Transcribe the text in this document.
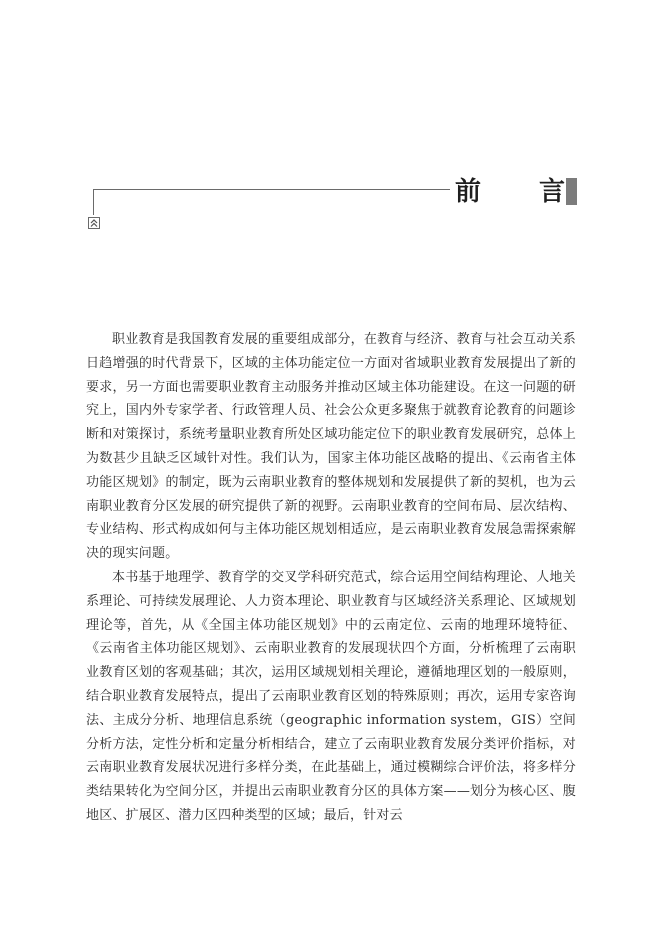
前 言

职业教育是我国教育发展的重要组成部分，在教育与经济、教育与社会互动关系日趋增强的时代背景下，区域的主体功能定位一方面对省域职业教育发展提出了新的要求，另一方面也需要职业教育主动服务并推动区域主体功能建设。在这一问题的研究上，国内外专家学者、行政管理人员、社会公众更多聚焦于就教育论教育的问题诊断和对策探讨，系统考量职业教育所处区域功能定位下的职业教育发展研究，总体上为数甚少且缺乏区域针对性。我们认为，国家主体功能区战略的提出、《云南省主体功能区规划》的制定，既为云南职业教育的整体规划和发展提供了新的契机，也为云南职业教育分区发展的研究提供了新的视野。云南职业教育的空间布局、层次结构、专业结构、形式构成如何与主体功能区规划相适应，是云南职业教育发展急需探索解决的现实问题。

本书基于地理学、教育学的交叉学科研究范式，综合运用空间结构理论、人地关系理论、可持续发展理论、人力资本理论、职业教育与区域经济关系理论、区域规划理论等，首先，从《全国主体功能区规划》中的云南定位、云南的地理环境特征、《云南省主体功能区规划》、云南职业教育的发展现状四个方面，分析梳理了云南职业教育区划的客观基础；其次，运用区域规划相关理论，遵循地理区划的一般原则，结合职业教育发展特点，提出了云南职业教育区划的特殊原则；再次，运用专家咨询法、主成分分析、地理信息系统（geographic information system，GIS）空间分析方法，定性分析和定量分析相结合，建立了云南职业教育发展分类评价指标，对云南职业教育发展状况进行多样分类，在此基础上，通过模糊综合评价法，将多样分类结果转化为空间分区，并提出云南职业教育分区的具体方案——划分为核心区、腹地区、扩展区、潜力区四种类型的区域；最后，针对云
